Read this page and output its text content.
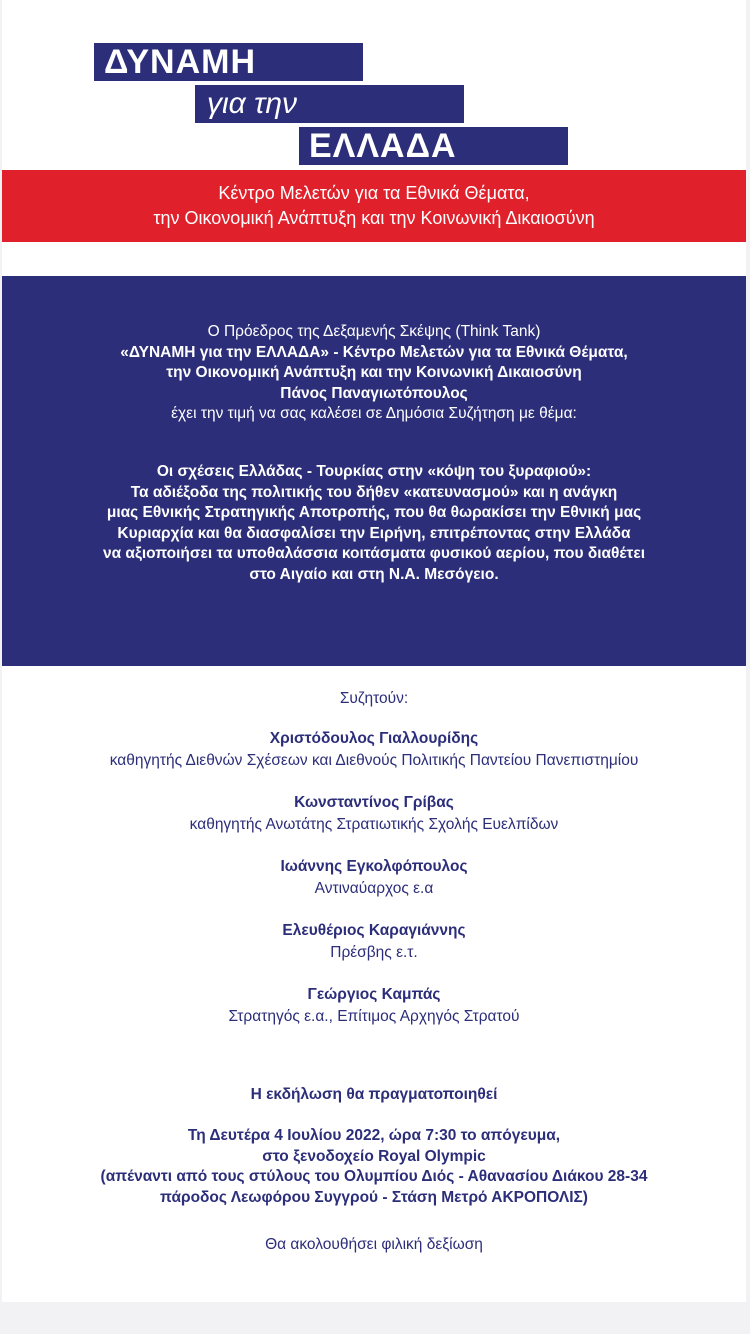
ΔΥΝΑΜΗ
για την
ΕΛΛΑΔΑ
Κέντρο Μελετών για τα Εθνικά Θέματα,
την Οικονομική Ανάπτυξη και την Κοινωνική Δικαιοσύνη
Ο Πρόεδρος της Δεξαμενής Σκέψης (Think Tank)
«ΔΥΝΑΜΗ για την ΕΛΛΑΔΑ» - Κέντρο Μελετών για τα Εθνικά Θέματα,
την Οικονομική Ανάπτυξη και την Κοινωνική Δικαιοσύνη
Πάνος Παναγιωτόπουλος
έχει την τιμή να σας καλέσει σε Δημόσια Συζήτηση με θέμα:
Οι σχέσεις Ελλάδας - Τουρκίας στην «κόψη του ξυραφιού»:
Τα αδιέξοδα της πολιτικής του δήθεν «κατευνασμού» και η ανάγκη
μιας Εθνικής Στρατηγικής Αποτροπής, που θα θωρακίσει την Εθνική μας
Κυριαρχία και θα διασφαλίσει την Ειρήνη, επιτρέποντας στην Ελλάδα
να αξιοποιήσει τα υποθαλάσσια κοιτάσματα φυσικού αερίου, που διαθέτει
στο Αιγαίο και στη Ν.Α. Μεσόγειο.
Συζητούν:
Χριστόδουλος Γιαλλουρίδης
καθηγητής Διεθνών Σχέσεων και Διεθνούς Πολιτικής Παντείου Πανεπιστημίου
Κωνσταντίνος Γρίβας
καθηγητής Ανωτάτης Στρατιωτικής Σχολής Ευελπίδων
Ιωάννης Εγκολφόπουλος
Αντιναύαρχος ε.α
Ελευθέριος Καραγιάννης
Πρέσβης ε.τ.
Γεώργιος Καμπάς
Στρατηγός ε.α., Επίτιμος Αρχηγός Στρατού
Η εκδήλωση θα πραγματοποιηθεί
Τη Δευτέρα 4 Ιουλίου 2022, ώρα 7:30 το απόγευμα,
στο ξενοδοχείο Royal Olympic
(απέναντι από τους στύλους του Ολυμπίου Διός - Αθανασίου Διάκου 28-34
πάροδος Λεωφόρου Συγγρού - Στάση Μετρό ΑΚΡΟΠΟΛΙΣ)
Θα ακολουθήσει φιλική δεξίωση
